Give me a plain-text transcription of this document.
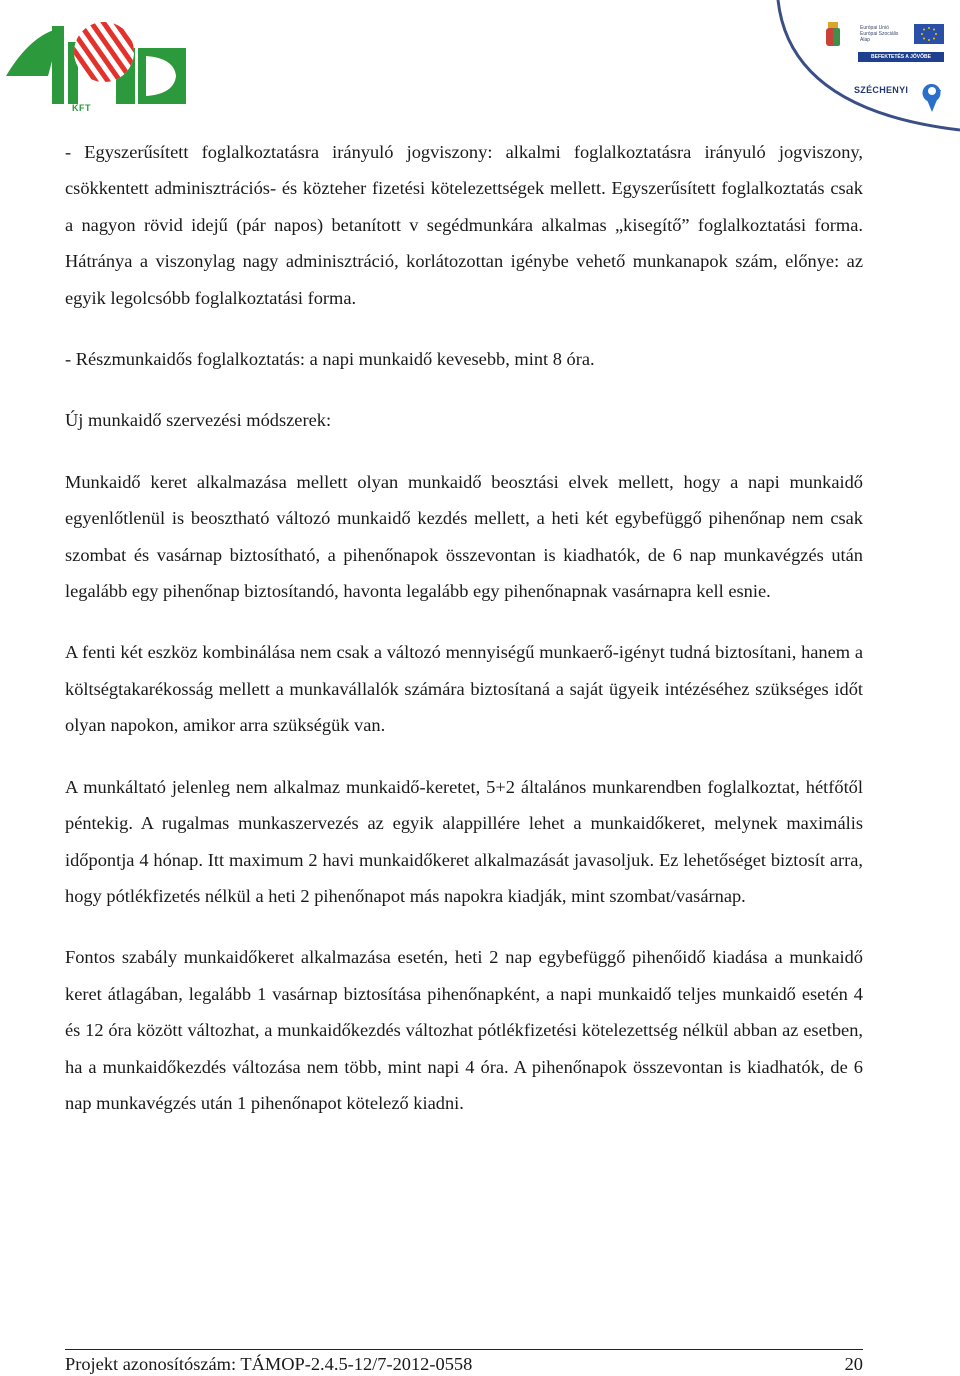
KFT
Európai Unió Európai Szociális Alap
BEFEKTETÉS A JÖVŐBE
SZÉCHENYI

- Egyszerűsített foglalkoztatásra irányuló jogviszony: alkalmi foglalkoztatásra irányuló jogviszony, csökkentett adminisztrációs- és közteher fizetési kötelezettségek mellett. Egyszerűsített foglalkoztatás csak a nagyon rövid idejű (pár napos) betanított v segédmunkára alkalmas „kisegítő” foglalkoztatási forma. Hátránya a viszonylag nagy adminisztráció, korlátozottan igénybe vehető munkanapok szám, előnye: az egyik legolcsóbb foglalkoztatási forma.

- Részmunkaidős foglalkoztatás: a napi munkaidő kevesebb, mint 8 óra.

Új munkaidő szervezési módszerek:

Munkaidő keret alkalmazása mellett olyan munkaidő beosztási elvek mellett, hogy a napi munkaidő egyenlőtlenül is beosztható változó munkaidő kezdés mellett, a heti két egybefüggő pihenőnap nem csak szombat és vasárnap biztosítható, a pihenőnapok összevontan is kiadhatók, de 6 nap munkavégzés után legalább egy pihenőnap biztosítandó, havonta legalább egy pihenőnapnak vasárnapra kell esnie.

A fenti két eszköz kombinálása nem csak a változó mennyiségű munkaerő-igényt tudná biztosítani, hanem a költségtakarékosság mellett a munkavállalók számára biztosítaná a saját ügyeik intézéséhez szükséges időt olyan napokon, amikor arra szükségük van.

A munkáltató jelenleg nem alkalmaz munkaidő-keretet, 5+2 általános munkarendben foglalkoztat, hétfőtől péntekig. A rugalmas munkaszervezés az egyik alappillére lehet a munkaidőkeret, melynek maximális időpontja 4 hónap. Itt maximum 2 havi munkaidőkeret alkalmazását javasoljuk. Ez lehetőséget biztosít arra, hogy pótlékfizetés nélkül a heti 2 pihenőnapot más napokra kiadják, mint szombat/vasárnap.

Fontos szabály munkaidőkeret alkalmazása esetén, heti 2 nap egybefüggő pihenőidő kiadása a munkaidő keret átlagában, legalább 1 vasárnap biztosítása pihenőnapként, a napi munkaidő teljes munkaidő esetén 4 és 12 óra között változhat, a munkaidőkezdés változhat pótlékfizetési kötelezettség nélkül abban az esetben, ha a munkaidőkezdés változása nem több, mint napi 4 óra. A pihenőnapok összevontan is kiadhatók, de 6 nap munkavégzés után 1 pihenőnapot kötelező kiadni.

Projekt azonosítószám: TÁMOP-2.4.5-12/7-2012-0558	20
